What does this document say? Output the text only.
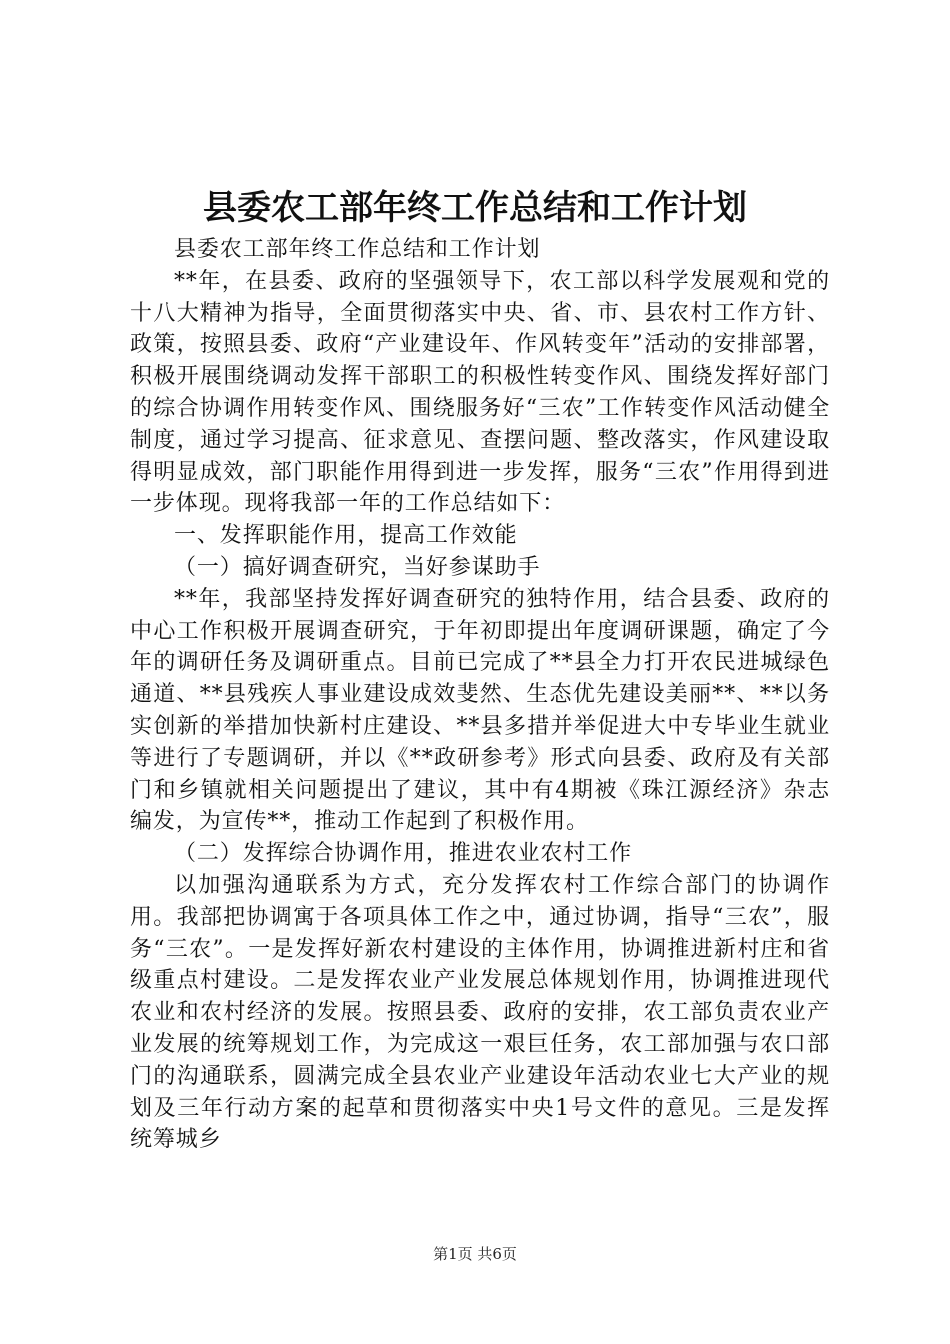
县委农工部年终工作总结和工作计划

县委农工部年终工作总结和工作计划

**年，在县委、政府的坚强领导下，农工部以科学发展观和党的十八大精神为指导，全面贯彻落实中央、省、市、县农村工作方针、政策，按照县委、政府“产业建设年、作风转变年”活动的安排部署，积极开展围绕调动发挥干部职工的积极性转变作风、围绕发挥好部门的综合协调作用转变作风、围绕服务好“三农”工作转变作风活动健全制度，通过学习提高、征求意见、查摆问题、整改落实，作风建设取得明显成效，部门职能作用得到进一步发挥，服务“三农”作用得到进一步体现。现将我部一年的工作总结如下：

一、发挥职能作用，提高工作效能

（一）搞好调查研究，当好参谋助手

**年，我部坚持发挥好调查研究的独特作用，结合县委、政府的中心工作积极开展调查研究，于年初即提出年度调研课题，确定了今年的调研任务及调研重点。目前已完成了**县全力打开农民进城绿色通道、**县残疾人事业建设成效斐然、生态优先建设美丽**、**以务实创新的举措加快新村庄建设、**县多措并举促进大中专毕业生就业等进行了专题调研，并以《**政研参考》形式向县委、政府及有关部门和乡镇就相关问题提出了建议，其中有4期被《珠江源经济》杂志编发，为宣传**，推动工作起到了积极作用。

（二）发挥综合协调作用，推进农业农村工作

以加强沟通联系为方式，充分发挥农村工作综合部门的协调作用。我部把协调寓于各项具体工作之中，通过协调，指导“三农”，服务“三农”。一是发挥好新农村建设的主体作用，协调推进新村庄和省级重点村建设。二是发挥农业产业发展总体规划作用，协调推进现代农业和农村经济的发展。按照县委、政府的安排，农工部负责农业产业发展的统筹规划工作，为完成这一艰巨任务，农工部加强与农口部门的沟通联系，圆满完成全县农业产业建设年活动农业七大产业的规划及三年行动方案的起草和贯彻落实中央1号文件的意见。三是发挥统筹城乡

第1页 共6页
